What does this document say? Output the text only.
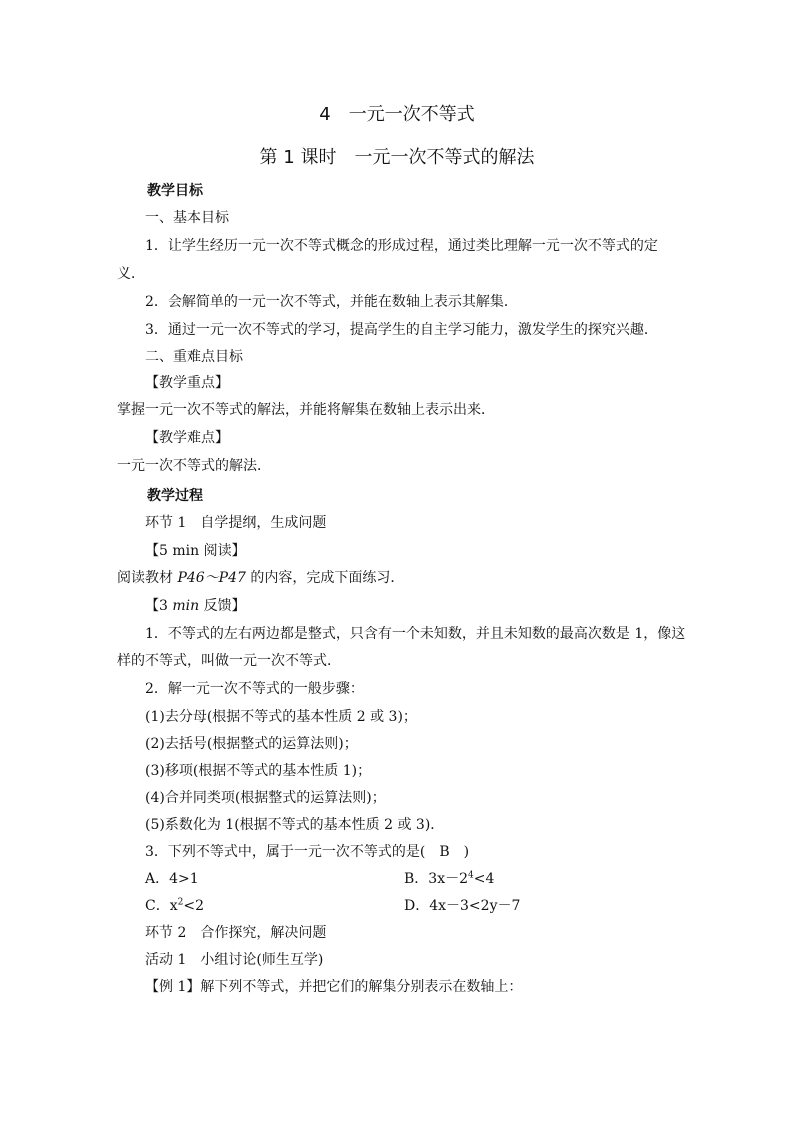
4　一元一次不等式
第 1 课时　一元一次不等式的解法
教学目标
一、基本目标
1．让学生经历一元一次不等式概念的形成过程，通过类比理解一元一次不等式的定
义．
2．会解简单的一元一次不等式，并能在数轴上表示其解集．
3．通过一元一次不等式的学习，提高学生的自主学习能力，激发学生的探究兴趣．
二、重难点目标
【教学重点】
掌握一元一次不等式的解法，并能将解集在数轴上表示出来．
【教学难点】
一元一次不等式的解法．
教学过程
环节 1　自学提纲，生成问题
【5 min 阅读】
阅读教材 P46～P47 的内容，完成下面练习．
【3 min 反馈】
1．不等式的左右两边都是整式，只含有一个未知数，并且未知数的最高次数是 1，像这
样的不等式，叫做一元一次不等式．
2．解一元一次不等式的一般步骤：
(1)去分母(根据不等式的基本性质 2 或 3)；
(2)去括号(根据整式的运算法则)；
(3)移项(根据不等式的基本性质 1)；
(4)合并同类项(根据整式的运算法则)；
(5)系数化为 1(根据不等式的基本性质 2 或 3)．
3．下列不等式中，属于一元一次不等式的是(　B　)
A．4>1	B．$3x-2^4<4$
C．$x^2<2$	D．4x－3<2y－7
环节 2　合作探究，解决问题
活动 1　小组讨论(师生互学)
【例 1】解下列不等式，并把它们的解集分别表示在数轴上：
